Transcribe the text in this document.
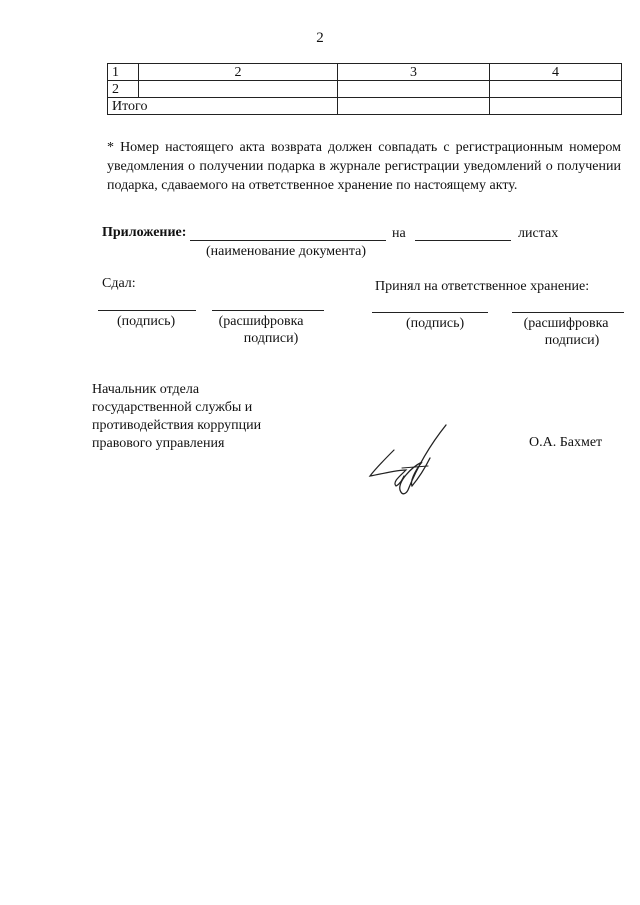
2
1	2	3	4
2			
Итого			

* Номер настоящего акта возврата должен совпадать с регистрационным номером уведомления о получении подарка в журнале регистрации уведомлений о получении подарка, сдаваемого на ответственное хранение по настоящему акту.

Приложение:	на	листах
(наименование документа)
Сдал:
(подпись)	(расшифровка
подписи)
Принял на ответственное хранение:
(подпись)	(расшифровка
подписи)
Начальник отдела
государственной службы и
противодействия коррупции
правового управления	О.А. Бахмет
